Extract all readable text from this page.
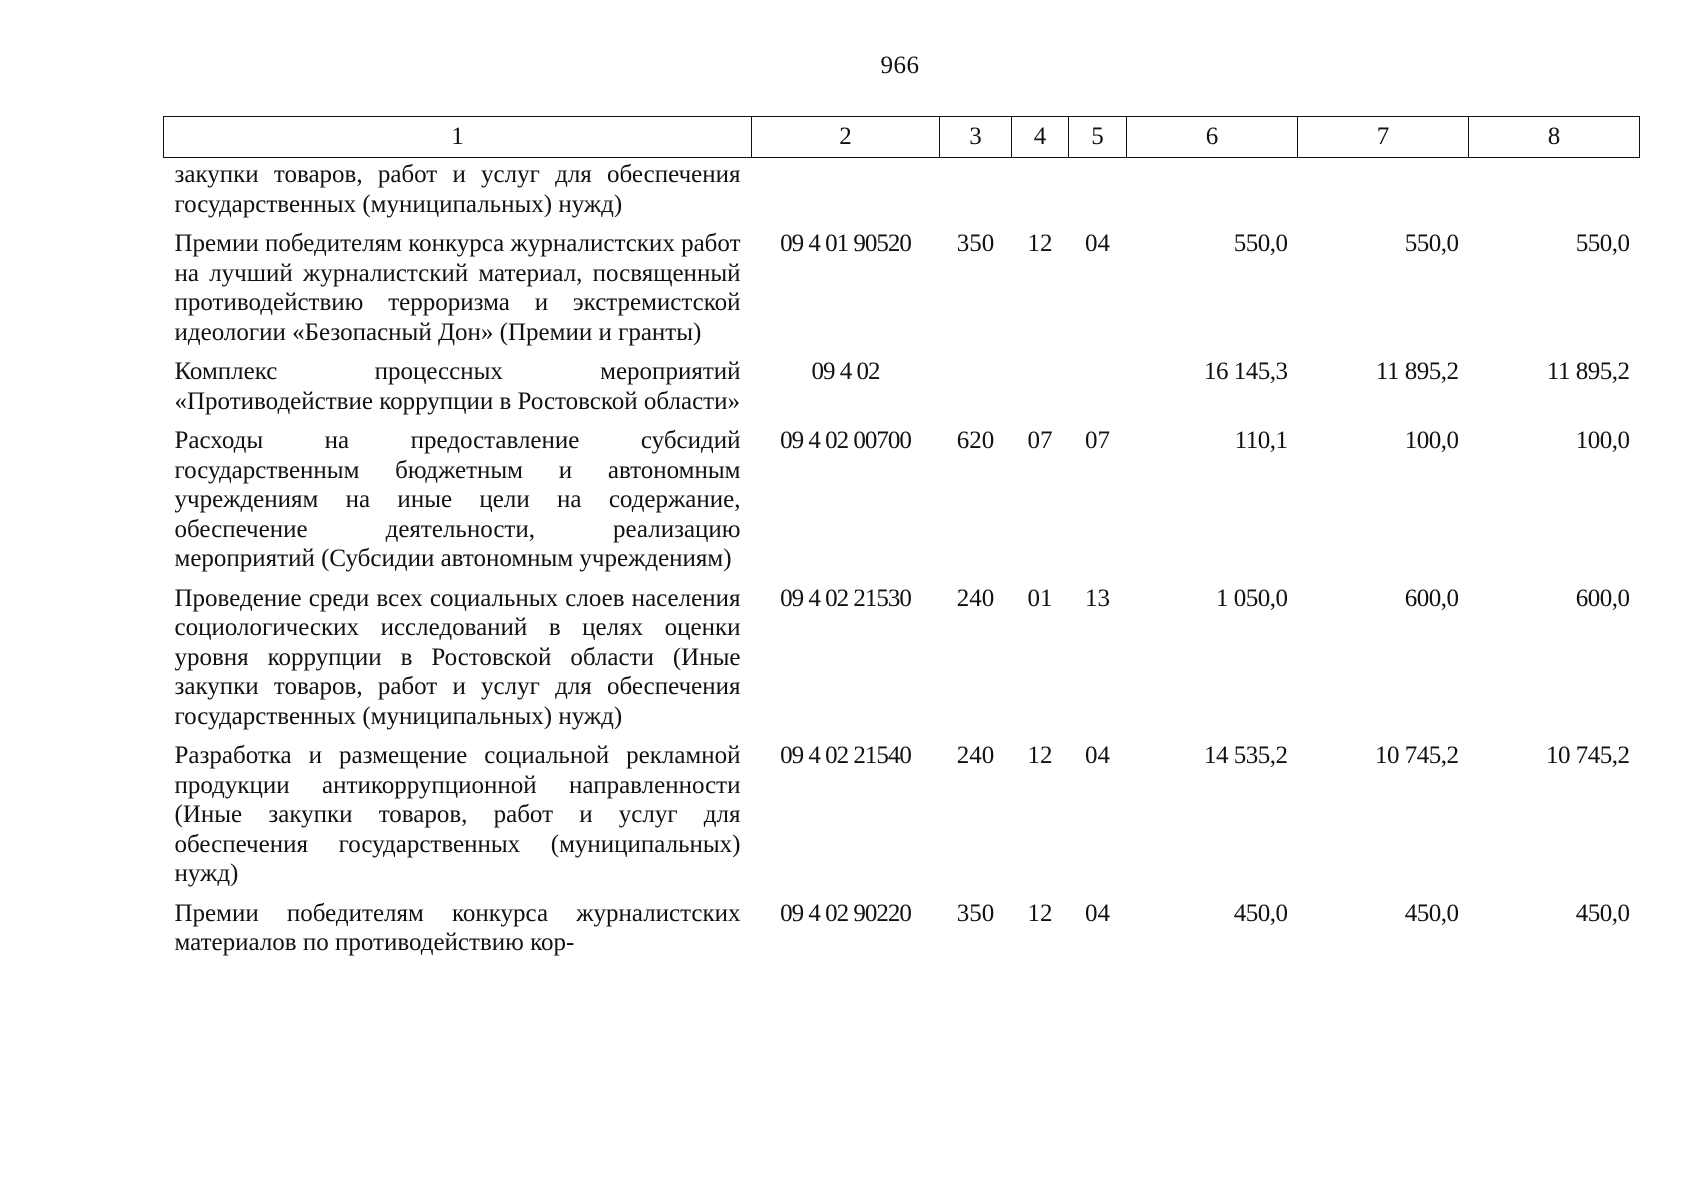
966
1	2	3	4	5	6	7	8
закупки товаров, работ и услуг для обеспечения государственных (муниципальных) нужд)							
Премии победителям конкурса журналистских работ на лучший журналистский материал, посвященный противодействию терроризма и экстремистской идеологии «Безопасный Дон» (Премии и гранты)	09 4 01 90520	350	12	04	550,0	550,0	550,0
Комплекс процессных мероприятий «Противодействие коррупции в Ростовской области»	09 4 02				16 145,3	11 895,2	11 895,2
Расходы на предоставление субсидий государственным бюджетным и автономным учреждениям на иные цели на содержание, обеспечение деятельности, реализацию мероприятий (Субсидии автономным учреждениям)	09 4 02 00700	620	07	07	110,1	100,0	100,0
Проведение среди всех социальных слоев населения социологических исследований в целях оценки уровня коррупции в Ростовской области (Иные закупки товаров, работ и услуг для обеспечения государственных (муниципальных) нужд)	09 4 02 21530	240	01	13	1 050,0	600,0	600,0
Разработка и размещение социальной рекламной продукции антикоррупционной направленности (Иные закупки товаров, работ и услуг для обеспечения государственных (муниципальных) нужд)	09 4 02 21540	240	12	04	14 535,2	10 745,2	10 745,2
Премии победителям конкурса журналистских материалов по противодействию кор-	09 4 02 90220	350	12	04	450,0	450,0	450,0
